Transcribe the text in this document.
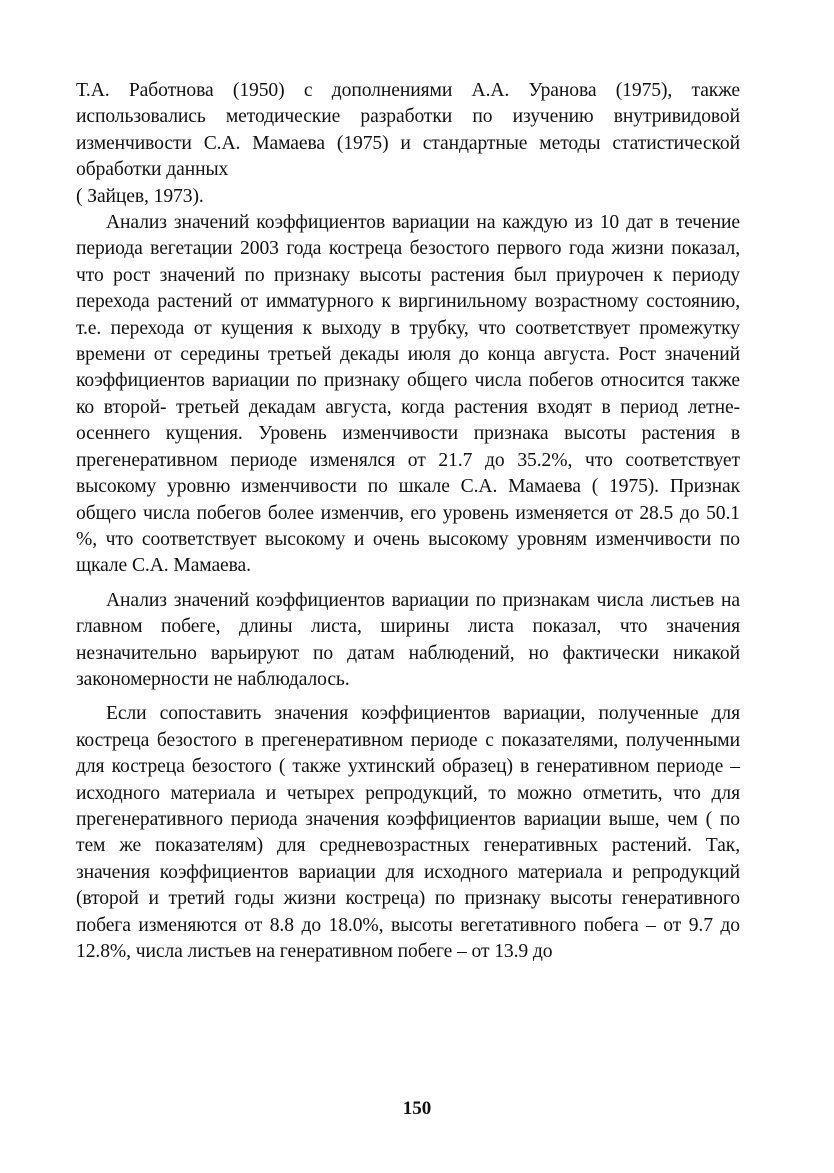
Т.А. Работнова (1950) с дополнениями А.А. Уранова (1975), также использовались методические разработки по изучению внутривидовой изменчивости С.А. Мамаева (1975) и стандартные методы статистической обработки данных

( Зайцев, 1973).

Анализ значений коэффициентов вариации на каждую из 10 дат в течение периода вегетации 2003 года костреца безостого первого года жизни показал, что рост значений по признаку высоты растения был приурочен к периоду перехода растений от имматурного к виргинильному возрастному состоянию, т.е. перехода от кущения к выходу в трубку, что соответствует промежутку времени от середины третьей декады июля до конца августа. Рост значений коэффициентов вариации по признаку общего числа побегов относится также ко второй- третьей декадам августа, когда растения входят в период летне- осеннего кущения. Уровень изменчивости признака высоты растения в прегенеративном периоде изменялся от 21.7 до 35.2%, что соответствует высокому уровню изменчивости по шкале С.А. Мамаева ( 1975). Признак общего числа побегов более изменчив, его уровень изменяется от 28.5 до 50.1 %, что соответствует высокому и очень высокому уровням изменчивости по щкале С.А. Мамаева.

Анализ значений коэффициентов вариации по признакам числа листьев на главном побеге, длины листа, ширины листа показал, что значения незначительно варьируют по датам наблюдений, но фактически никакой закономерности не наблюдалось.

Если сопоставить значения коэффициентов вариации, полученные для костреца безостого в прегенеративном периоде с показателями, полученными для костреца безостого ( также ухтинский образец) в генеративном периоде – исходного материала и четырех репродукций, то можно отметить, что для прегенеративного периода значения коэффициентов вариации выше, чем ( по тем же показателям) для средневозрастных генеративных растений. Так, значения коэффициентов вариации для исходного материала и репродукций (второй и третий годы жизни костреца) по признаку высоты генеративного побега изменяются от 8.8 до 18.0%, высоты вегетативного побега – от 9.7 до 12.8%, числа листьев на генеративном побеге – от 13.9 до

150
